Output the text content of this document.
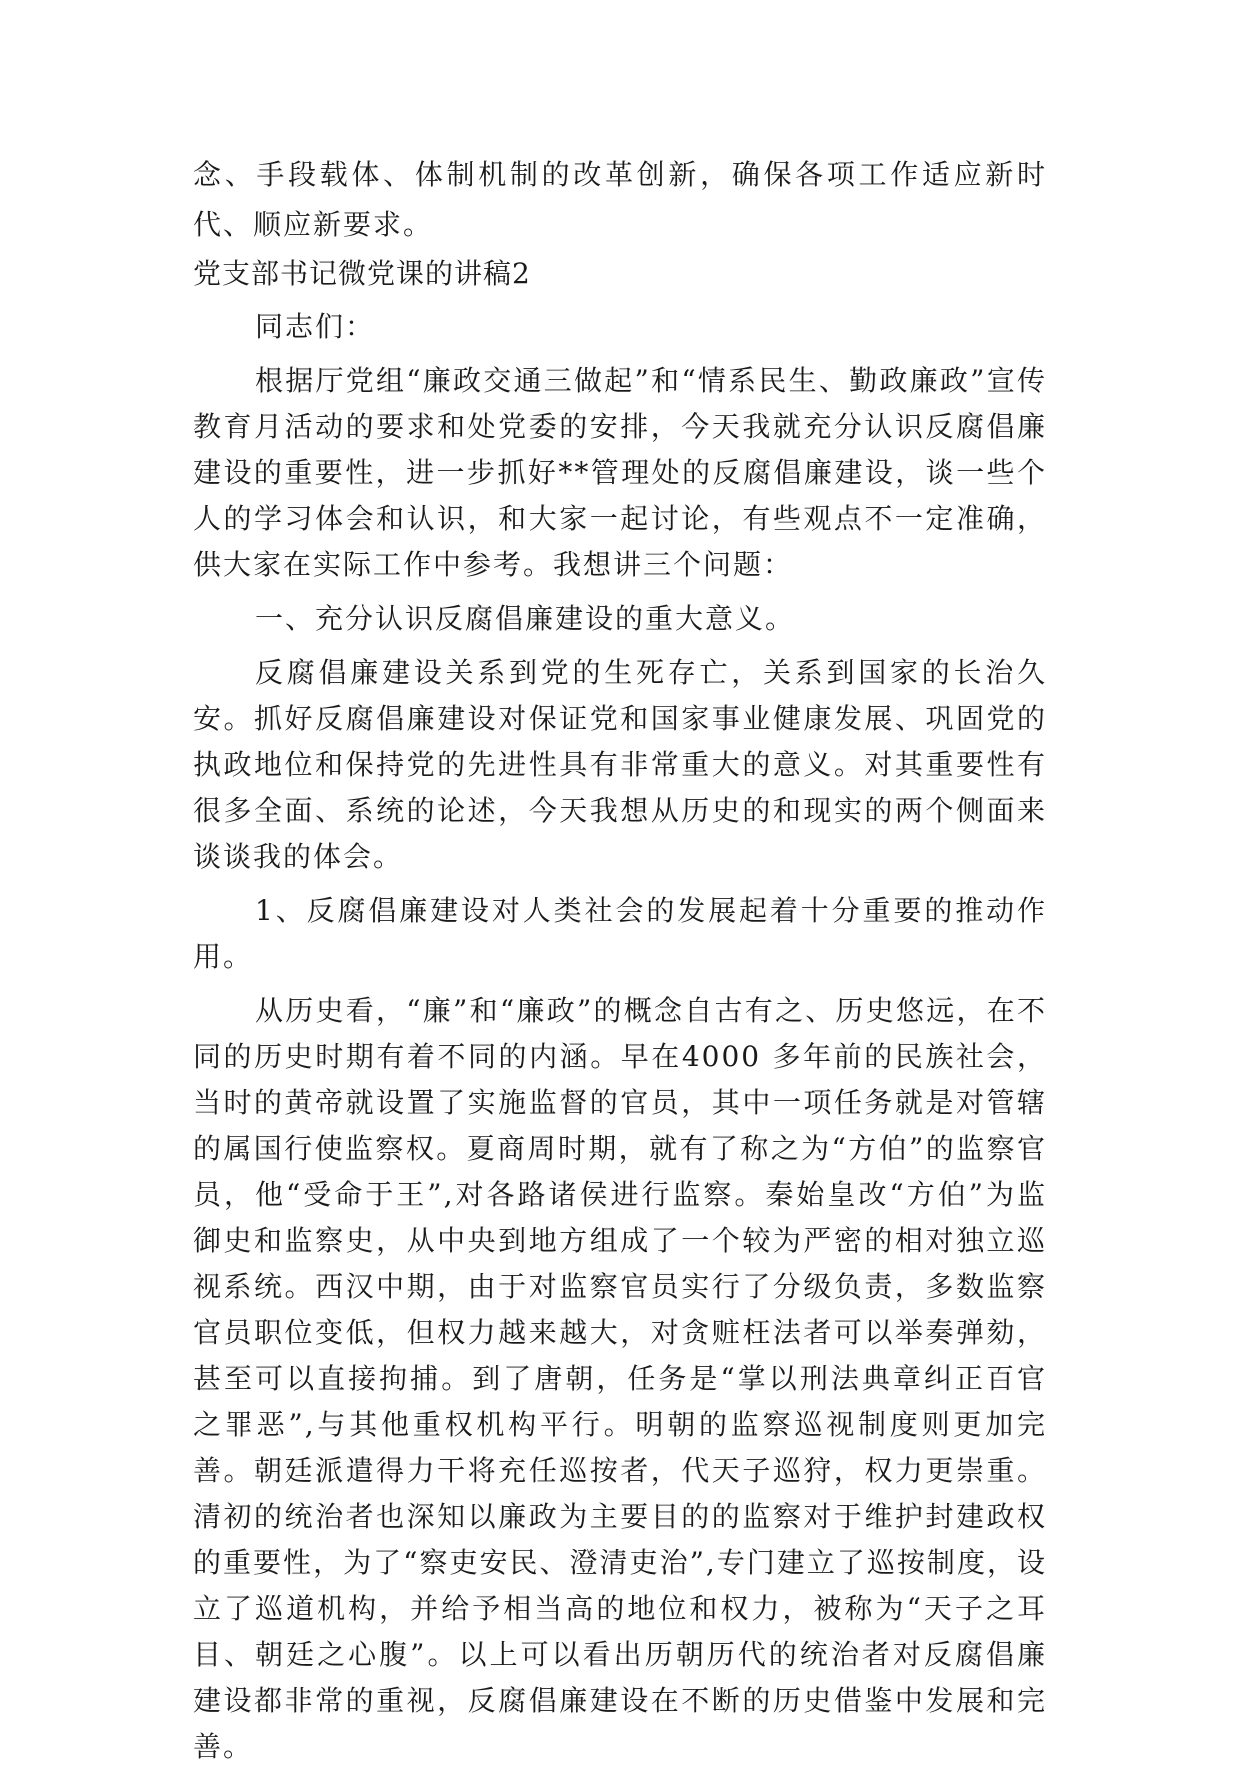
念、手段载体、体制机制的改革创新，确保各项工作适应新时代、顺应新要求。

党支部书记微党课的讲稿2

同志们：

根据厅党组“廉政交通三做起”和“情系民生、勤政廉政”宣传教育月活动的要求和处党委的安排，今天我就充分认识反腐倡廉建设的重要性，进一步抓好**管理处的反腐倡廉建设，谈一些个人的学习体会和认识，和大家一起讨论，有些观点不一定准确，供大家在实际工作中参考。我想讲三个问题：

一、充分认识反腐倡廉建设的重大意义。

反腐倡廉建设关系到党的生死存亡，关系到国家的长治久安。抓好反腐倡廉建设对保证党和国家事业健康发展、巩固党的执政地位和保持党的先进性具有非常重大的意义。对其重要性有很多全面、系统的论述，今天我想从历史的和现实的两个侧面来谈谈我的体会。

1、反腐倡廉建设对人类社会的发展起着十分重要的推动作用。

从历史看，“廉”和“廉政”的概念自古有之、历史悠远，在不同的历史时期有着不同的内涵。早在4000 多年前的民族社会，当时的黄帝就设置了实施监督的官员，其中一项任务就是对管辖的属国行使监察权。夏商周时期，就有了称之为“方伯”的监察官员，他“受命于王”,对各路诸侯进行监察。秦始皇改“方伯”为监御史和监察史，从中央到地方组成了一个较为严密的相对独立巡视系统。西汉中期，由于对监察官员实行了分级负责，多数监察官员职位变低，但权力越来越大，对贪赃枉法者可以举奏弹劾，甚至可以直接拘捕。到了唐朝，任务是“掌以刑法典章纠正百官之罪恶”,与其他重权机构平行。明朝的监察巡视制度则更加完善。朝廷派遣得力干将充任巡按者，代天子巡狩，权力更崇重。清初的统治者也深知以廉政为主要目的的监察对于维护封建政权的重要性，为了“察吏安民、澄清吏治”,专门建立了巡按制度，设立了巡道机构，并给予相当高的地位和权力，被称为“天子之耳目、朝廷之心腹”。以上可以看出历朝历代的统治者对反腐倡廉建设都非常的重视，反腐倡廉建设在不断的历史借鉴中发展和完善。
